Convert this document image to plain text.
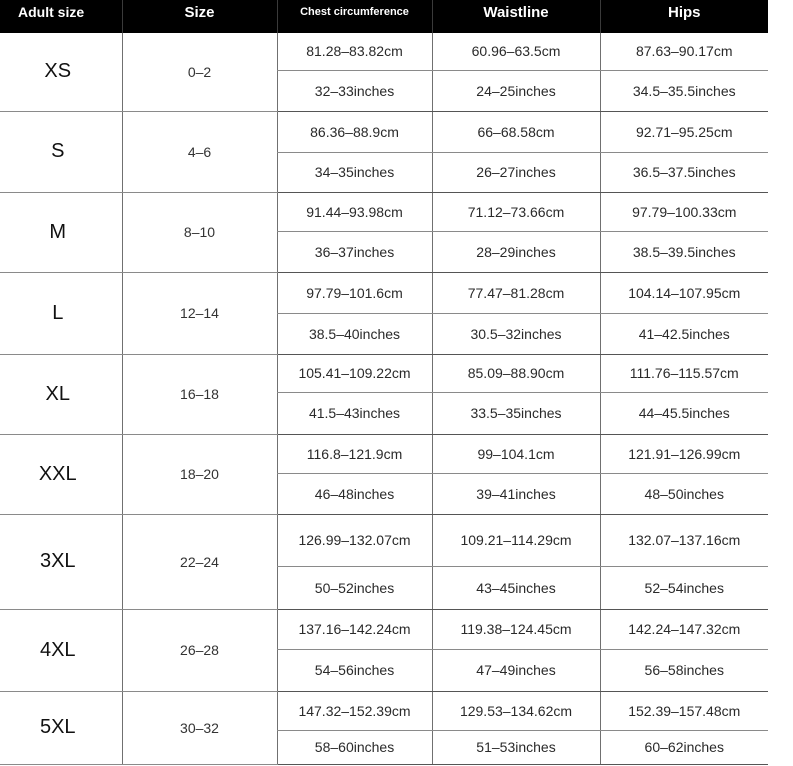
Adult size	Size	Chest circumference	Waistline	Hips
XS	0–2	81.28–83.82cm	60.96–63.5cm	87.63–90.17cm
		32–33inches	24–25inches	34.5–35.5inches
S	4–6	86.36–88.9cm	66–68.58cm	92.71–95.25cm
		34–35inches	26–27inches	36.5–37.5inches
M	8–10	91.44–93.98cm	71.12–73.66cm	97.79–100.33cm
		36–37inches	28–29inches	38.5–39.5inches
L	12–14	97.79–101.6cm	77.47–81.28cm	104.14–107.95cm
		38.5–40inches	30.5–32inches	41–42.5inches
XL	16–18	105.41–109.22cm	85.09–88.90cm	111.76–115.57cm
		41.5–43inches	33.5–35inches	44–45.5inches
XXL	18–20	116.8–121.9cm	99–104.1cm	121.91–126.99cm
		46–48inches	39–41inches	48–50inches
3XL	22–24	126.99–132.07cm	109.21–114.29cm	132.07–137.16cm
		50–52inches	43–45inches	52–54inches
4XL	26–28	137.16–142.24cm	119.38–124.45cm	142.24–147.32cm
		54–56inches	47–49inches	56–58inches
5XL	30–32	147.32–152.39cm	129.53–134.62cm	152.39–157.48cm
		58–60inches	51–53inches	60–62inches
